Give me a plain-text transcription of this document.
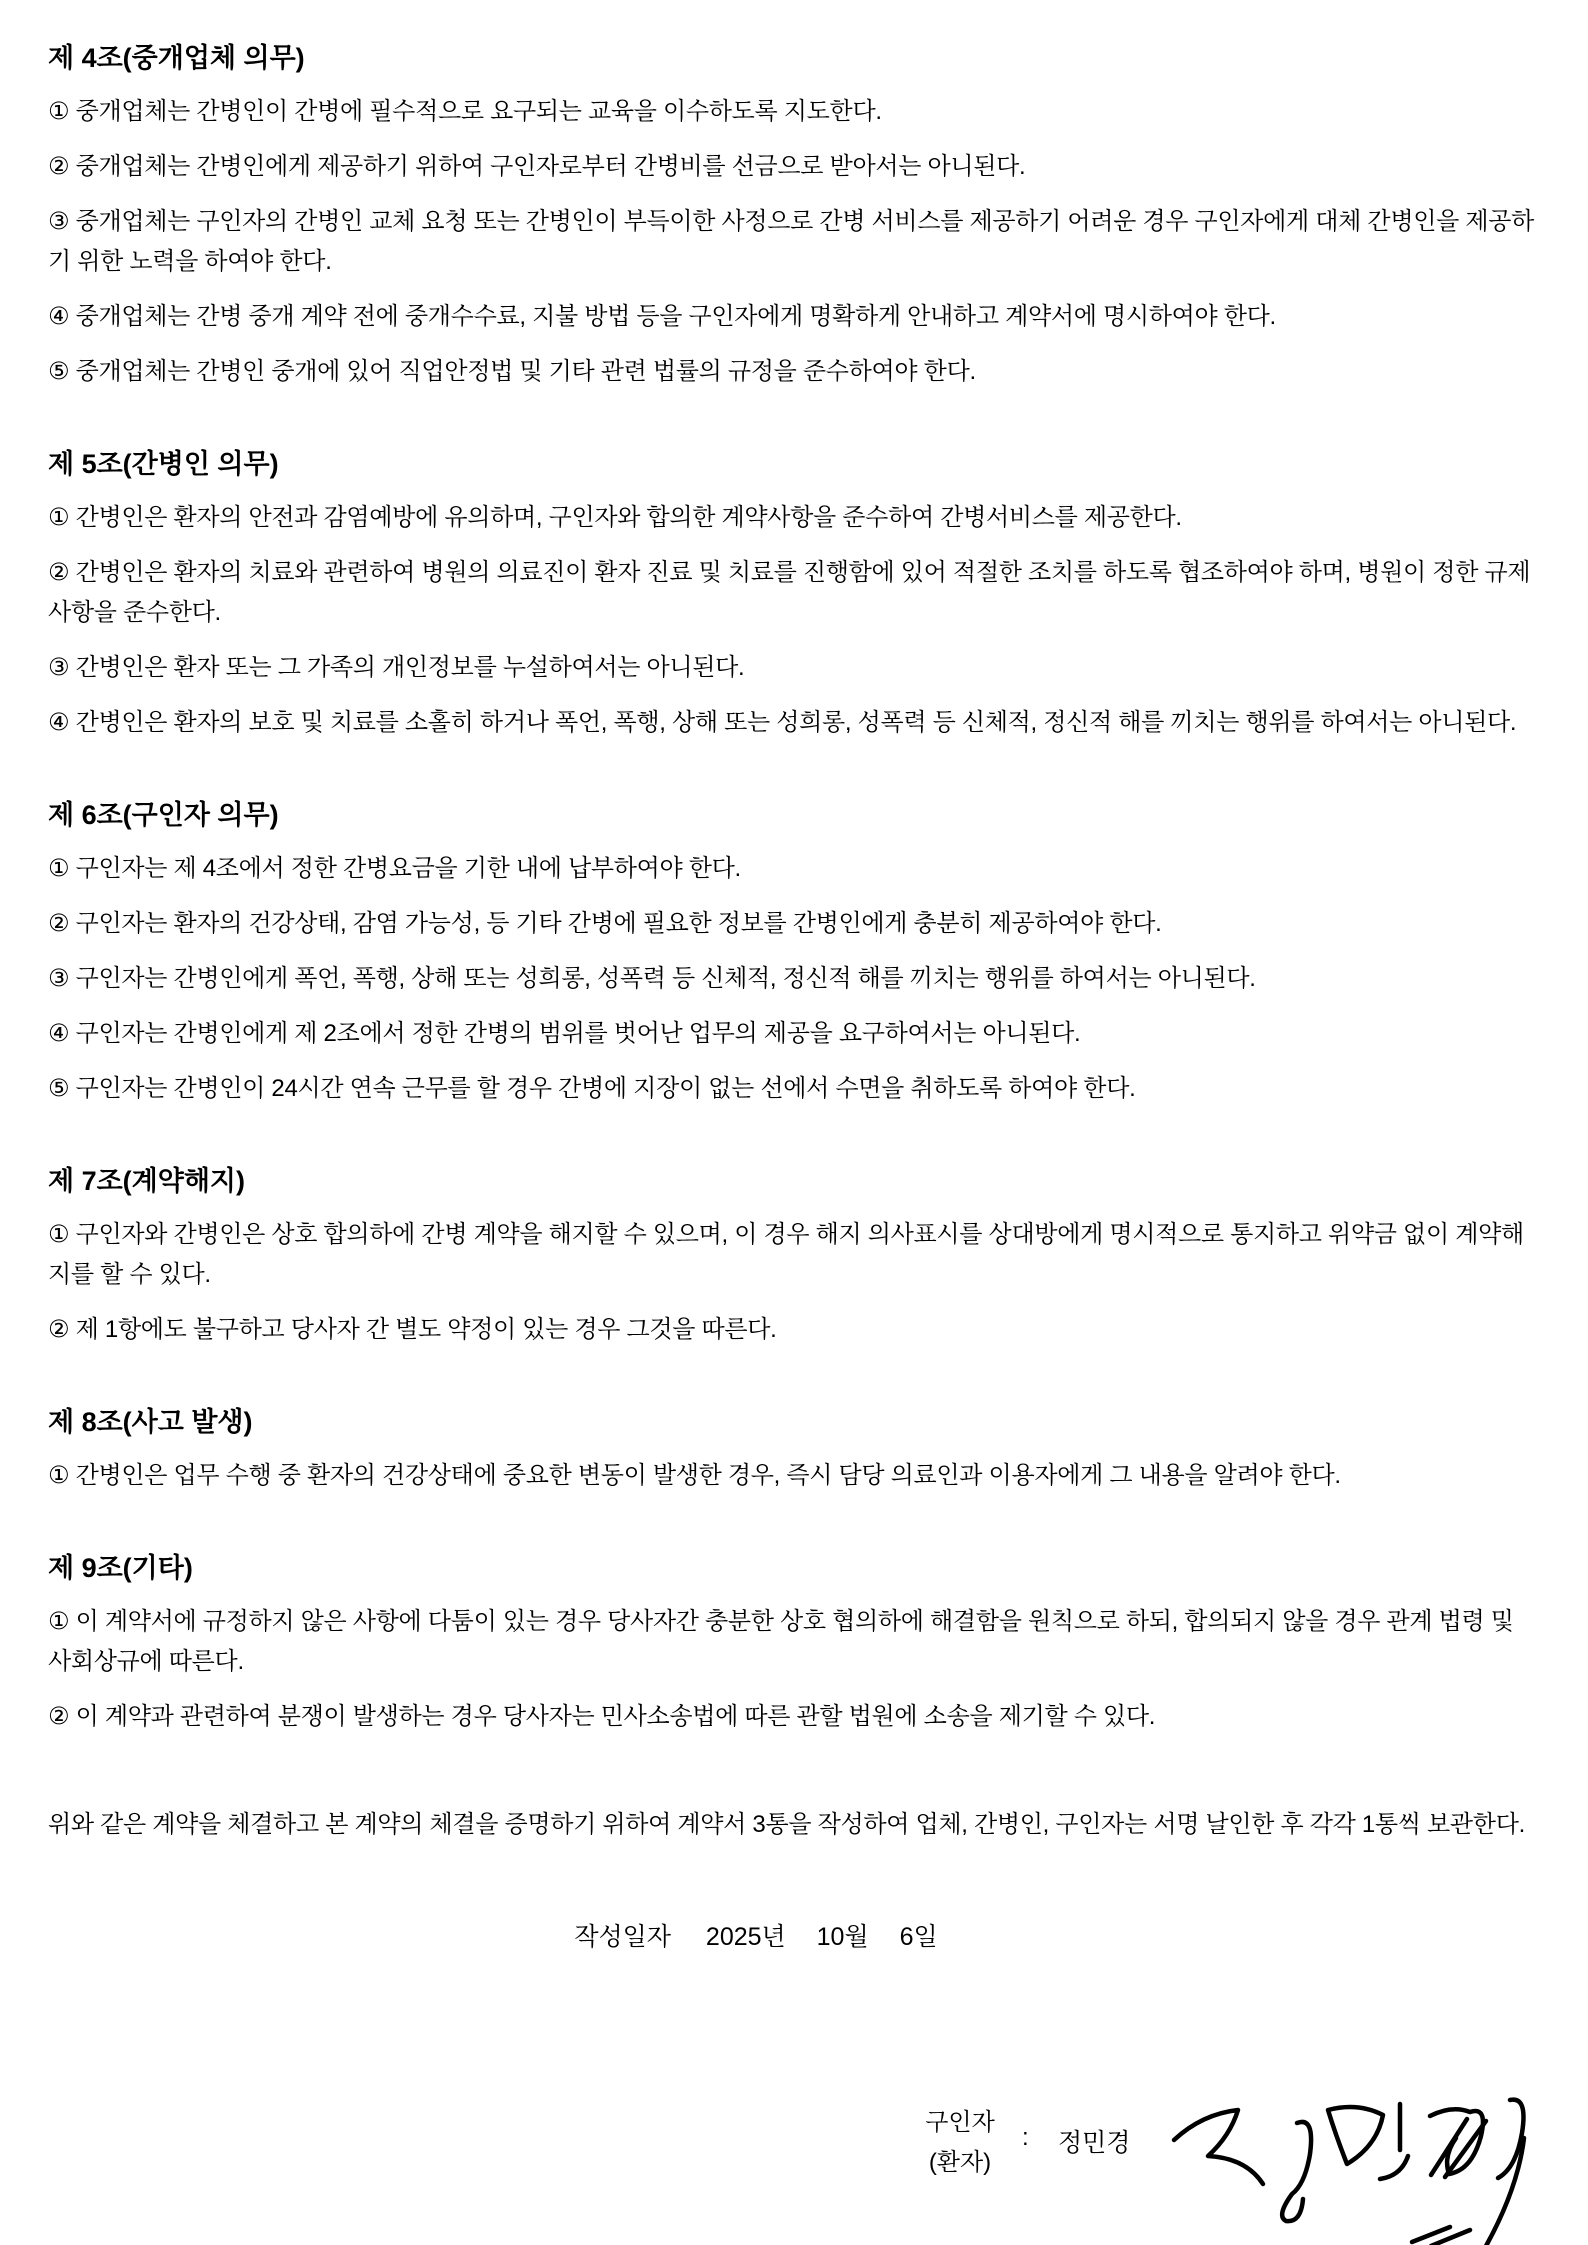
제 4조(중개업체 의무)

① 중개업체는 간병인이 간병에 필수적으로 요구되는 교육을 이수하도록 지도한다.

② 중개업체는 간병인에게 제공하기 위하여 구인자로부터 간병비를 선금으로 받아서는 아니된다.

③ 중개업체는 구인자의 간병인 교체 요청 또는 간병인이 부득이한 사정으로 간병 서비스를 제공하기 어려운 경우 구인자에게 대체 간병인을 제공하기 위한 노력을 하여야 한다.

④ 중개업체는 간병 중개 계약 전에 중개수수료, 지불 방법 등을 구인자에게 명확하게 안내하고 계약서에 명시하여야 한다.

⑤ 중개업체는 간병인 중개에 있어 직업안정법 및 기타 관련 법률의 규정을 준수하여야 한다.

제 5조(간병인 의무)

① 간병인은 환자의 안전과 감염예방에 유의하며, 구인자와 합의한 계약사항을 준수하여 간병서비스를 제공한다.

② 간병인은 환자의 치료와 관련하여 병원의 의료진이 환자 진료 및 치료를 진행함에 있어 적절한 조치를 하도록 협조하여야 하며, 병원이 정한 규제사항을 준수한다.

③ 간병인은 환자 또는 그 가족의 개인정보를 누설하여서는 아니된다.

④ 간병인은 환자의 보호 및 치료를 소홀히 하거나 폭언, 폭행, 상해 또는 성희롱, 성폭력 등 신체적, 정신적 해를 끼치는 행위를 하여서는 아니된다.

제 6조(구인자 의무)

① 구인자는 제 4조에서 정한 간병요금을 기한 내에 납부하여야 한다.

② 구인자는 환자의 건강상태, 감염 가능성, 등 기타 간병에 필요한 정보를 간병인에게 충분히 제공하여야 한다.

③ 구인자는 간병인에게 폭언, 폭행, 상해 또는 성희롱, 성폭력 등 신체적, 정신적 해를 끼치는 행위를 하여서는 아니된다.

④ 구인자는 간병인에게 제 2조에서 정한 간병의 범위를 벗어난 업무의 제공을 요구하여서는 아니된다.

⑤ 구인자는 간병인이 24시간 연속 근무를 할 경우 간병에 지장이 없는 선에서 수면을 취하도록 하여야 한다.

제 7조(계약해지)

① 구인자와 간병인은 상호 합의하에 간병 계약을 해지할 수 있으며, 이 경우 해지 의사표시를 상대방에게 명시적으로 통지하고 위약금 없이 계약해지를 할 수 있다.

② 제 1항에도 불구하고 당사자 간 별도 약정이 있는 경우 그것을 따른다.

제 8조(사고 발생)

① 간병인은 업무 수행 중 환자의 건강상태에 중요한 변동이 발생한 경우, 즉시 담당 의료인과 이용자에게 그 내용을 알려야 한다.

제 9조(기타)

① 이 계약서에 규정하지 않은 사항에 다툼이 있는 경우 당사자간 충분한 상호 협의하에 해결함을 원칙으로 하되, 합의되지 않을 경우 관계 법령 및 사회상규에 따른다.

② 이 계약과 관련하여 분쟁이 발생하는 경우 당사자는 민사소송법에 따른 관할 법원에 소송을 제기할 수 있다.

위와 같은 계약을 체결하고 본 계약의 체결을 증명하기 위하여 계약서 3통을 작성하여 업체, 간병인, 구인자는 서명 날인한 후 각각 1통씩 보관한다.

작성일자 2025년 10월 6일
구인자
(환자)
: 정민경
